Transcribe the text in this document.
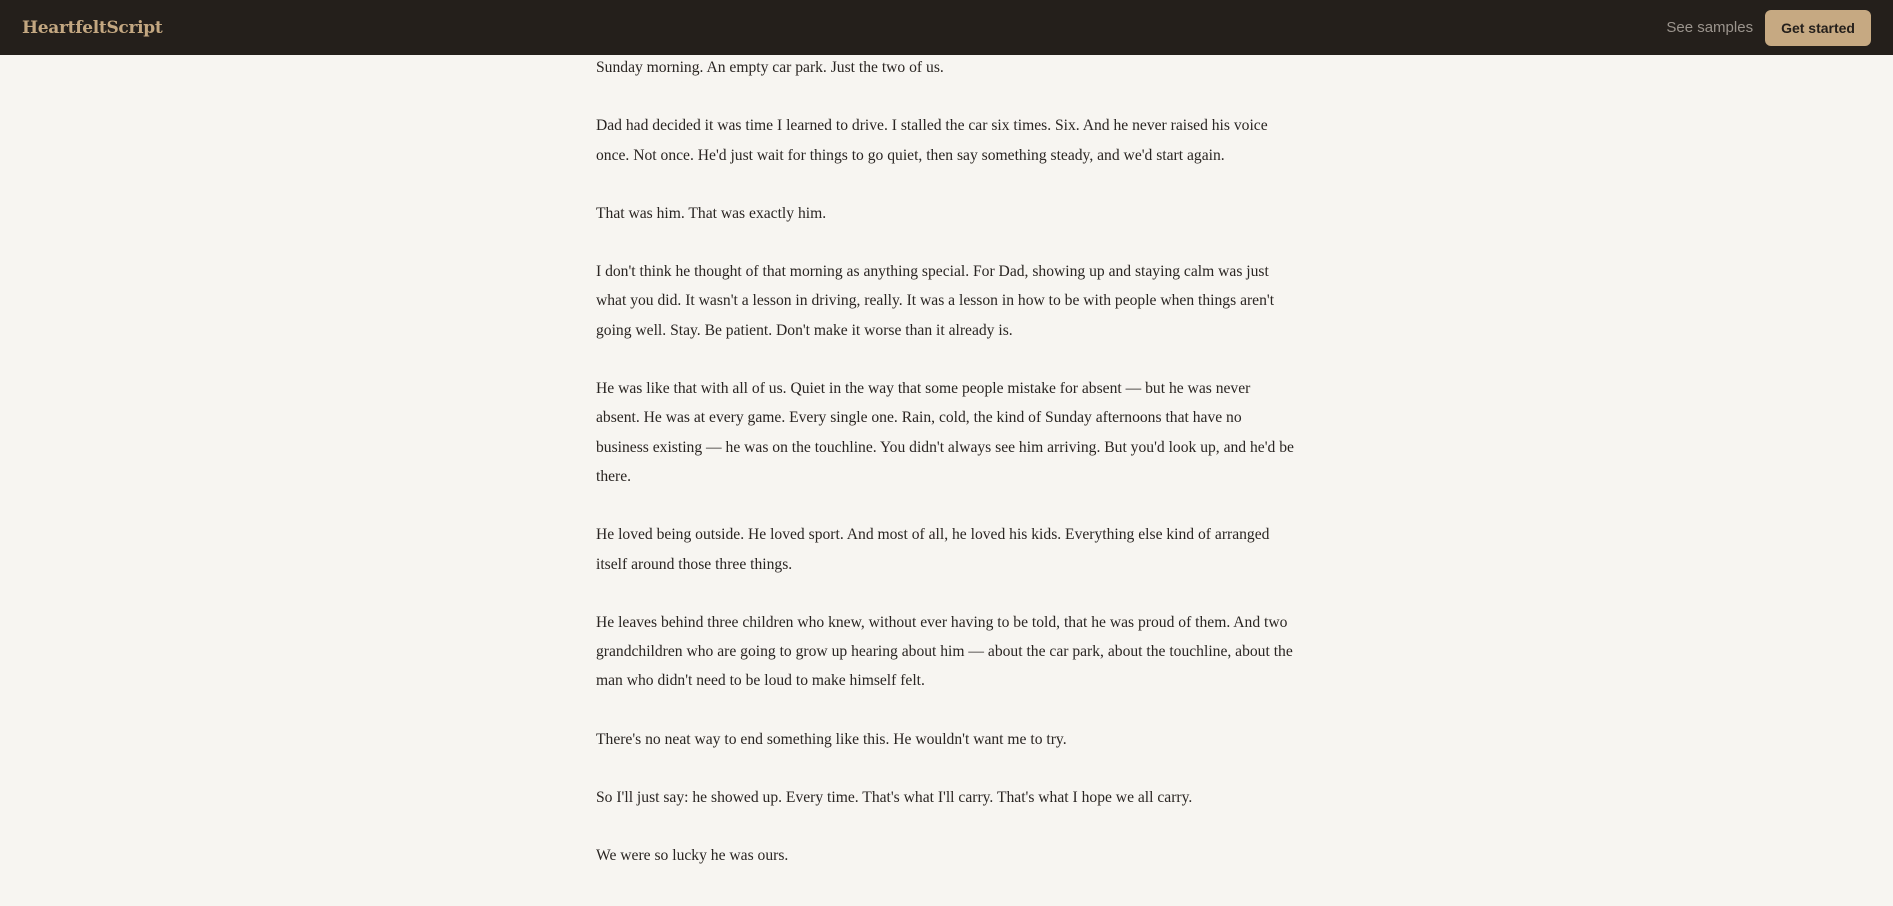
HeartfeltScript	See samples	Get started

Sunday morning. An empty car park. Just the two of us.

Dad had decided it was time I learned to drive. I stalled the car six times. Six. And he never raised his voice once. Not once. He'd just wait for things to go quiet, then say something steady, and we'd start again.

That was him. That was exactly him.

I don't think he thought of that morning as anything special. For Dad, showing up and staying calm was just what you did. It wasn't a lesson in driving, really. It was a lesson in how to be with people when things aren't going well. Stay. Be patient. Don't make it worse than it already is.

He was like that with all of us. Quiet in the way that some people mistake for absent — but he was never absent. He was at every game. Every single one. Rain, cold, the kind of Sunday afternoons that have no business existing — he was on the touchline. You didn't always see him arriving. But you'd look up, and he'd be there.

He loved being outside. He loved sport. And most of all, he loved his kids. Everything else kind of arranged itself around those three things.

He leaves behind three children who knew, without ever having to be told, that he was proud of them. And two grandchildren who are going to grow up hearing about him — about the car park, about the touchline, about the man who didn't need to be loud to make himself felt.

There's no neat way to end something like this. He wouldn't want me to try.

So I'll just say: he showed up. Every time. That's what I'll carry. That's what I hope we all carry.

We were so lucky he was ours.
